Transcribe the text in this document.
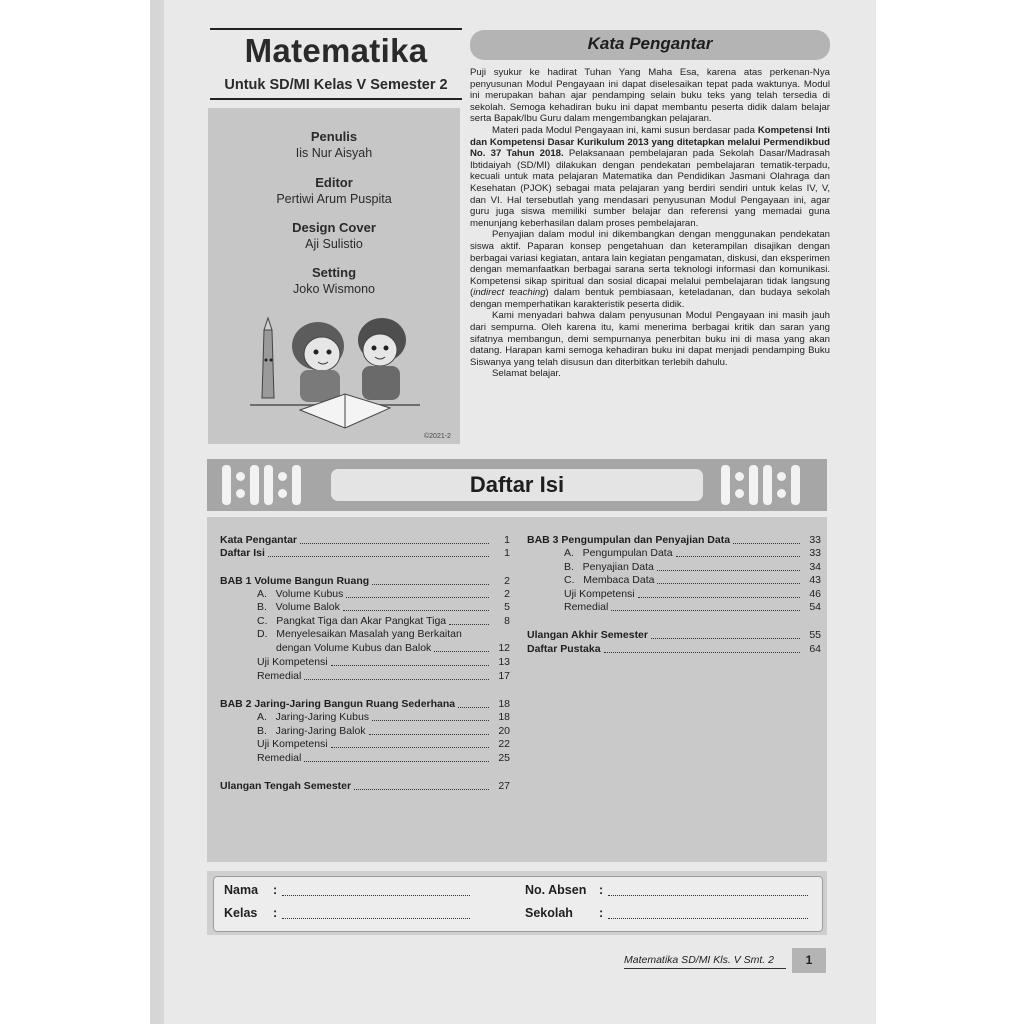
Matematika
Untuk SD/MI Kelas V Semester 2
Penulis
Iis Nur Aisyah
Editor
Pertiwi Arum Puspita
Design Cover
Aji Sulistio
Setting
Joko Wismono
©2021-2
Kata Pengantar

Puji syukur ke hadirat Tuhan Yang Maha Esa, karena atas perkenan-Nya penyusunan Modul Pengayaan ini dapat diselesaikan tepat pada waktunya. Modul ini merupakan bahan ajar pendamping selain buku teks yang telah tersedia di sekolah. Semoga kehadiran buku ini dapat membantu peserta didik dalam belajar serta Bapak/Ibu Guru dalam mengembangkan pelajaran.

Materi pada Modul Pengayaan ini, kami susun berdasar pada Kompetensi Inti dan Kompetensi Dasar Kurikulum 2013 yang ditetapkan melalui Permendikbud No. 37 Tahun 2018. Pelaksanaan pembelajaran pada Sekolah Dasar/Madrasah Ibtidaiyah (SD/MI) dilakukan dengan pendekatan pembelajaran tematik-terpadu, kecuali untuk mata pelajaran Matematika dan Pendidikan Jasmani Olahraga dan Kesehatan (PJOK) sebagai mata pelajaran yang berdiri sendiri untuk kelas IV, V, dan VI. Hal tersebutlah yang mendasari penyusunan Modul Pengayaan ini, agar guru juga siswa memiliki sumber belajar dan referensi yang memadai guna menunjang keberhasilan dalam proses pembelajaran.

Penyajian dalam modul ini dikembangkan dengan menggunakan pendekatan siswa aktif. Paparan konsep pengetahuan dan keterampilan disajikan dengan berbagai variasi kegiatan, antara lain kegiatan pengamatan, diskusi, dan eksperimen dengan memanfaatkan berbagai sarana serta teknologi informasi dan komunikasi. Kompetensi sikap spiritual dan sosial dicapai melalui pembelajaran tidak langsung (indirect teaching) dalam bentuk pembiasaan, keteladanan, dan budaya sekolah dengan memperhatikan karakteristik peserta didik.

Kami menyadari bahwa dalam penyusunan Modul Pengayaan ini masih jauh dari sempurna. Oleh karena itu, kami menerima berbagai kritik dan saran yang sifatnya membangun, demi sempurnanya penerbitan buku ini di masa yang akan datang. Harapan kami semoga kehadiran buku ini dapat menjadi pendamping Buku Siswanya yang telah disusun dan diterbitkan terlebih dahulu.

Selamat belajar.

Daftar Isi
Kata Pengantar	1
Daftar Isi	1
BAB 1 Volume Bangun Ruang	2
A.   Volume Kubus	2
B.   Volume Balok	5
C.   Pangkat Tiga dan Akar Pangkat Tiga	8
D.   Menyelesaikan Masalah yang Berkaitan
dengan Volume Kubus dan Balok	12
Uji Kompetensi	13
Remedial	17
BAB 2 Jaring-Jaring Bangun Ruang Sederhana	18
A.   Jaring-Jaring Kubus	18
B.   Jaring-Jaring Balok	20
Uji Kompetensi	22
Remedial	25
Ulangan Tengah Semester	27
BAB 3 Pengumpulan dan Penyajian Data	33
A.   Pengumpulan Data	33
B.   Penyajian Data	34
C.   Membaca Data	43
Uji Kompetensi	46
Remedial	54
Ulangan Akhir Semester	55
Daftar Pustaka	64
Nama :
Kelas :
No. Absen :
Sekolah :
Matematika SD/MI Kls. V Smt. 2	1
